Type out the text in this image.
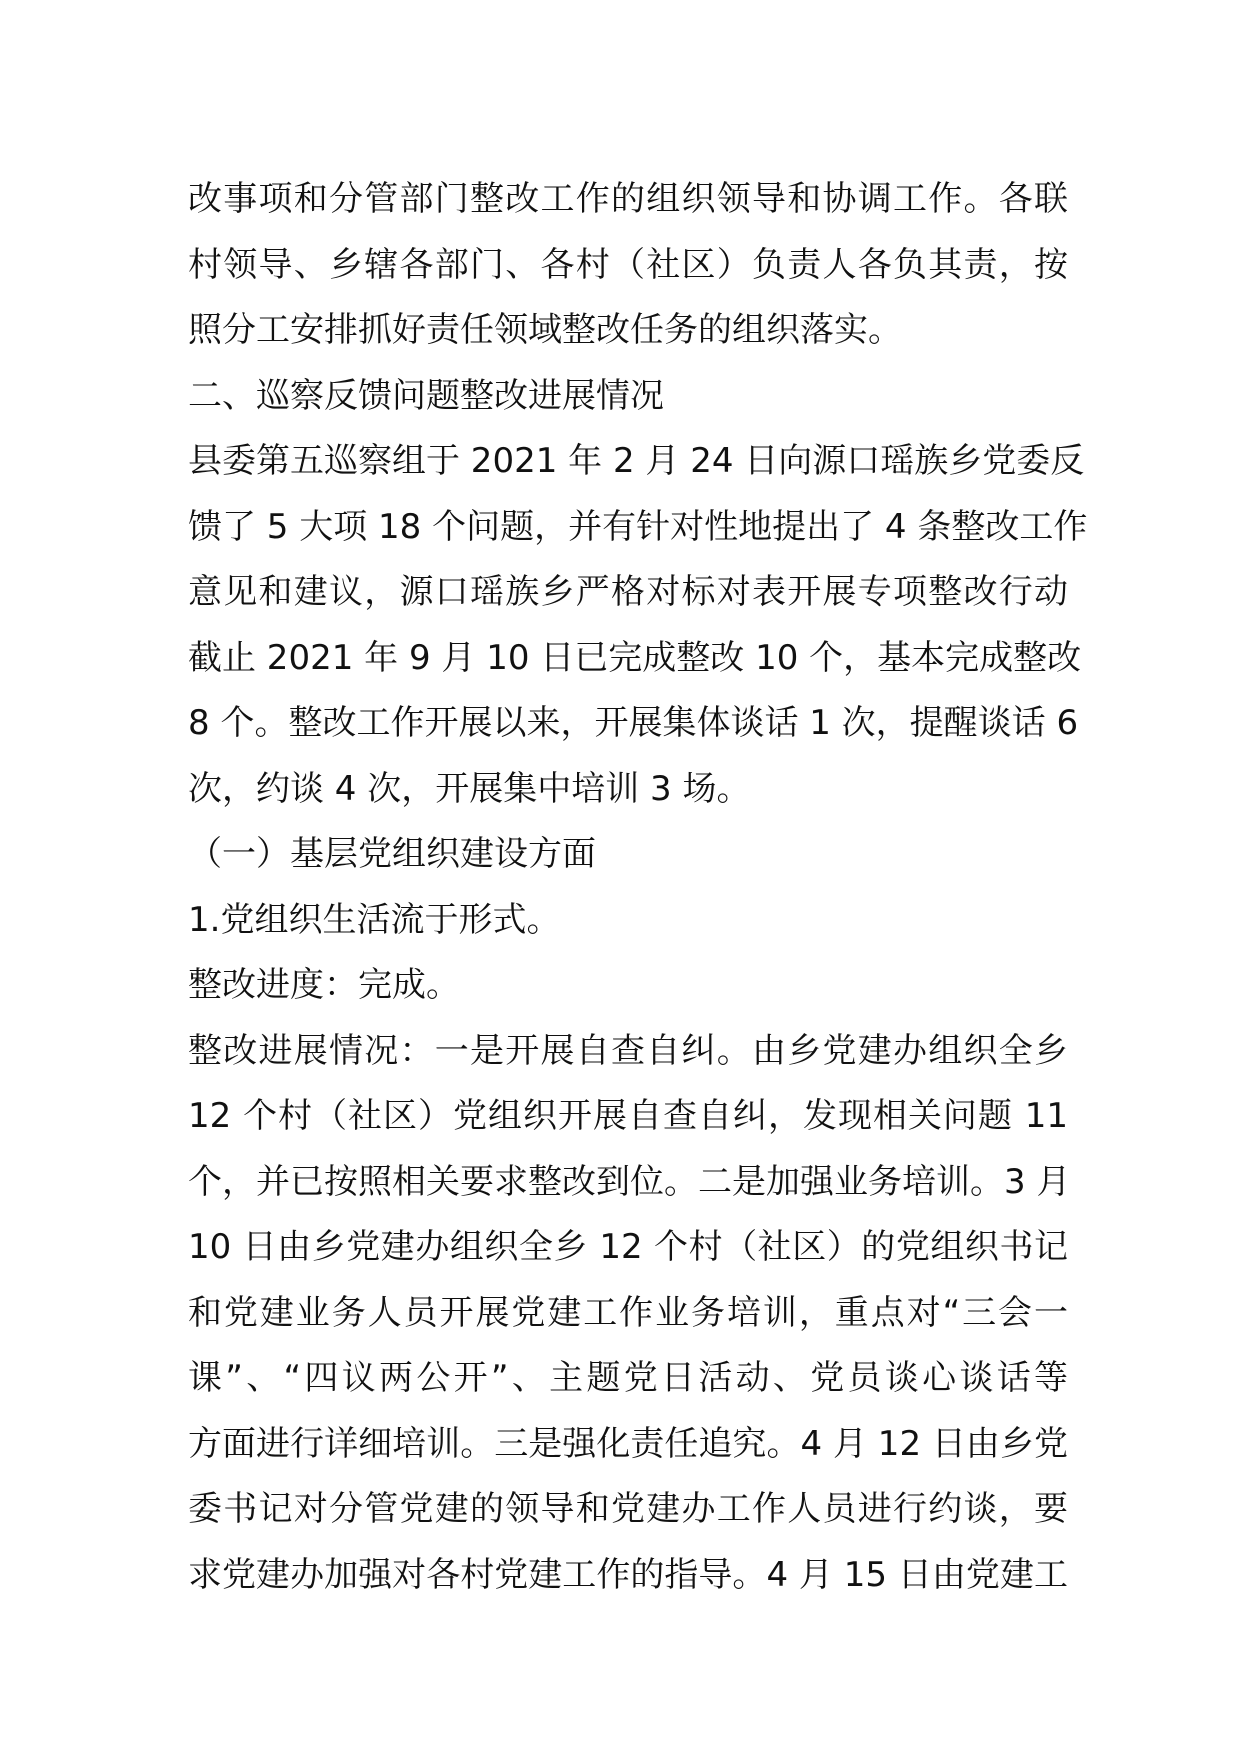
改事项和分管部门整改工作的组织领导和协调工作。各联
村领导、乡辖各部门、各村（社区）负责人各负其责，按
照分工安排抓好责任领域整改任务的组织落实。
二、巡察反馈问题整改进展情况
县委第五巡察组于 2021 年 2 月 24 日向源口瑶族乡党委反
馈了 5 大项 18 个问题，并有针对性地提出了 4 条整改工作
意见和建议，源口瑶族乡严格对标对表开展专项整改行动
截止 2021 年 9 月 10 日已完成整改 10 个，基本完成整改
8 个。整改工作开展以来，开展集体谈话 1 次，提醒谈话 6
次，约谈 4 次，开展集中培训 3 场。
（一）基层党组织建设方面
1.党组织生活流于形式。
整改进度：完成。
整改进展情况：一是开展自查自纠。由乡党建办组织全乡
12 个村（社区）党组织开展自查自纠，发现相关问题 11
个，并已按照相关要求整改到位。二是加强业务培训。3 月
10 日由乡党建办组织全乡 12 个村（社区）的党组织书记
和党建业务人员开展党建工作业务培训，重点对“三会一
课”、“四议两公开”、主题党日活动、党员谈心谈话等
方面进行详细培训。三是强化责任追究。4 月 12 日由乡党
委书记对分管党建的领导和党建办工作人员进行约谈，要
求党建办加强对各村党建工作的指导。4 月 15 日由党建工
